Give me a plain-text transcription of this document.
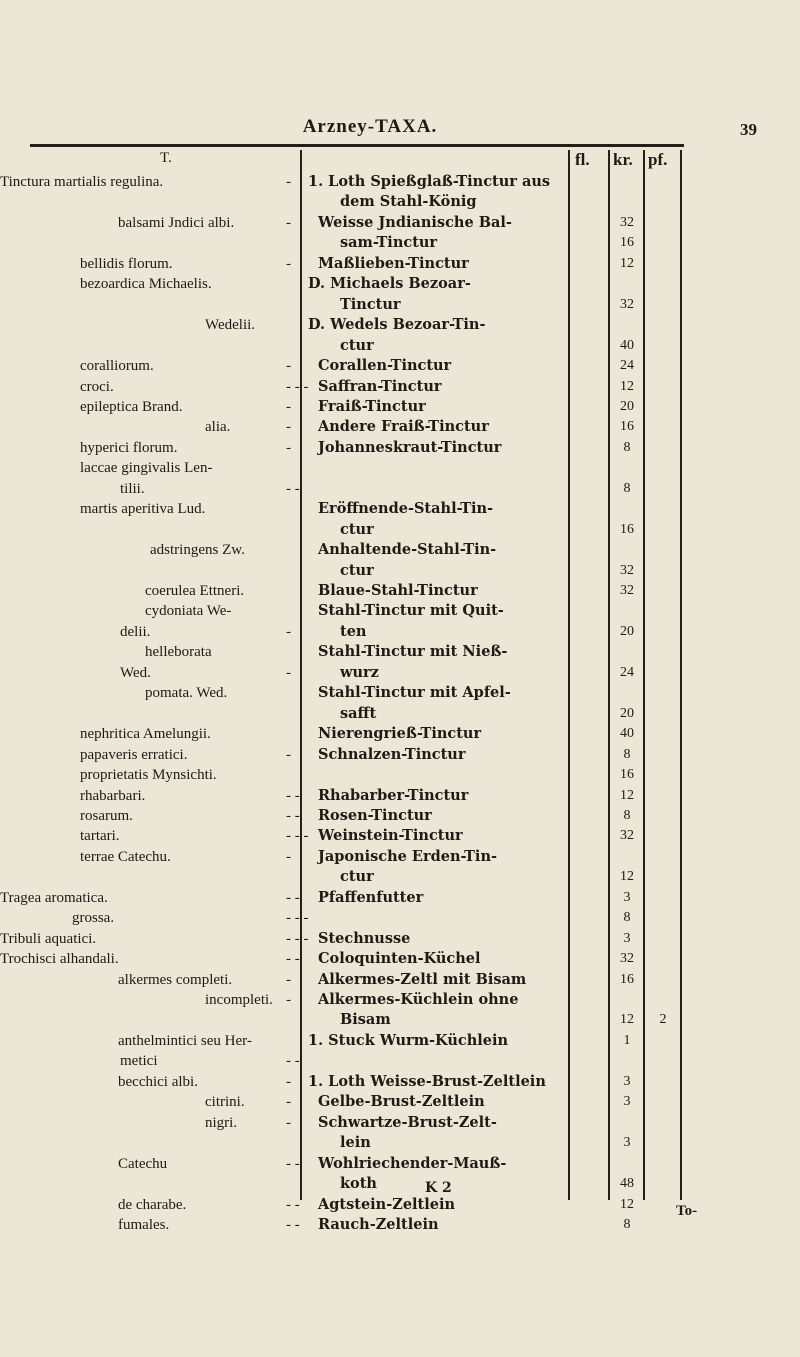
Arzney-TAXA.	39
fl. kr. pf.
T.
Tinctura martialis regulina.	- 1. Loth Spießglaß-Tinctur aus
dem Stahl-König
balsami Jndici albi.	- Weisse Jndianische Bal-	32
sam-Tinctur	16
bellidis florum.	- Maßlieben-Tinctur	12
bezoardica Michaelis.	D. Michaels Bezoar-
Tinctur	32
Wedelii.	D. Wedels Bezoar-Tin-
ctur	40
coralliorum.	- Corallen-Tinctur	24
croci.	- - - Saffran-Tinctur	12
epileptica Brand.	- Fraiß-Tinctur	20
alia.	- Andere Fraiß-Tinctur	16
hyperici florum.	- Johanneskraut-Tinctur	8
laccae gingivalis Len-
tilii.	- -	8
martis aperitiva Lud.	Eröffnende-Stahl-Tin-
ctur	16
adstringens Zw.	Anhaltende-Stahl-Tin-
ctur	32
coerulea Ettneri.	Blaue-Stahl-Tinctur	32
cydoniata We-	Stahl-Tinctur mit Quit-
delii.	-	ten	20
helleborata	Stahl-Tinctur mit Nieß-
Wed.	-	wurz	24
pomata. Wed.	Stahl-Tinctur mit Apfel-
safft	20
nephritica Amelungii.	Nierengrieß-Tinctur	40
papaveris erratici.	- Schnalzen-Tinctur	8
proprietatis Mynsichti.	16
rhabarbari.	- - Rhabarber-Tinctur	12
rosarum.	- - Rosen-Tinctur	8
tartari.	- - - Weinstein-Tinctur	32
terrae Catechu.	- Japonische Erden-Tin-
ctur	12
Tragea aromatica.	- - Pfaffenfutter	3
grossa.	- - -	8
Tribuli aquatici.	- - - Stechnusse	3
Trochisci alhandali.	- - Coloquinten-Küchel	32
alkermes completi.	- Alkermes-Zeltl mit Bisam	16
incompleti. - Alkermes-Küchlein ohne
Bisam	12	2
anthelmintici seu Her-	1. Stuck Wurm-Küchlein	1
metici	- -
becchici albi.	- 1. Loth Weisse-Brust-Zeltlein	3
citrini.	- Gelbe-Brust-Zeltlein	3
nigri.	- Schwartze-Brust-Zelt-
lein	3
Catechu	- - Wohlriechender-Mauß-
koth	48
de charabe.	- - Agtstein-Zeltlein	12
fumales.	- - Rauch-Zeltlein	8
K 2
To-
